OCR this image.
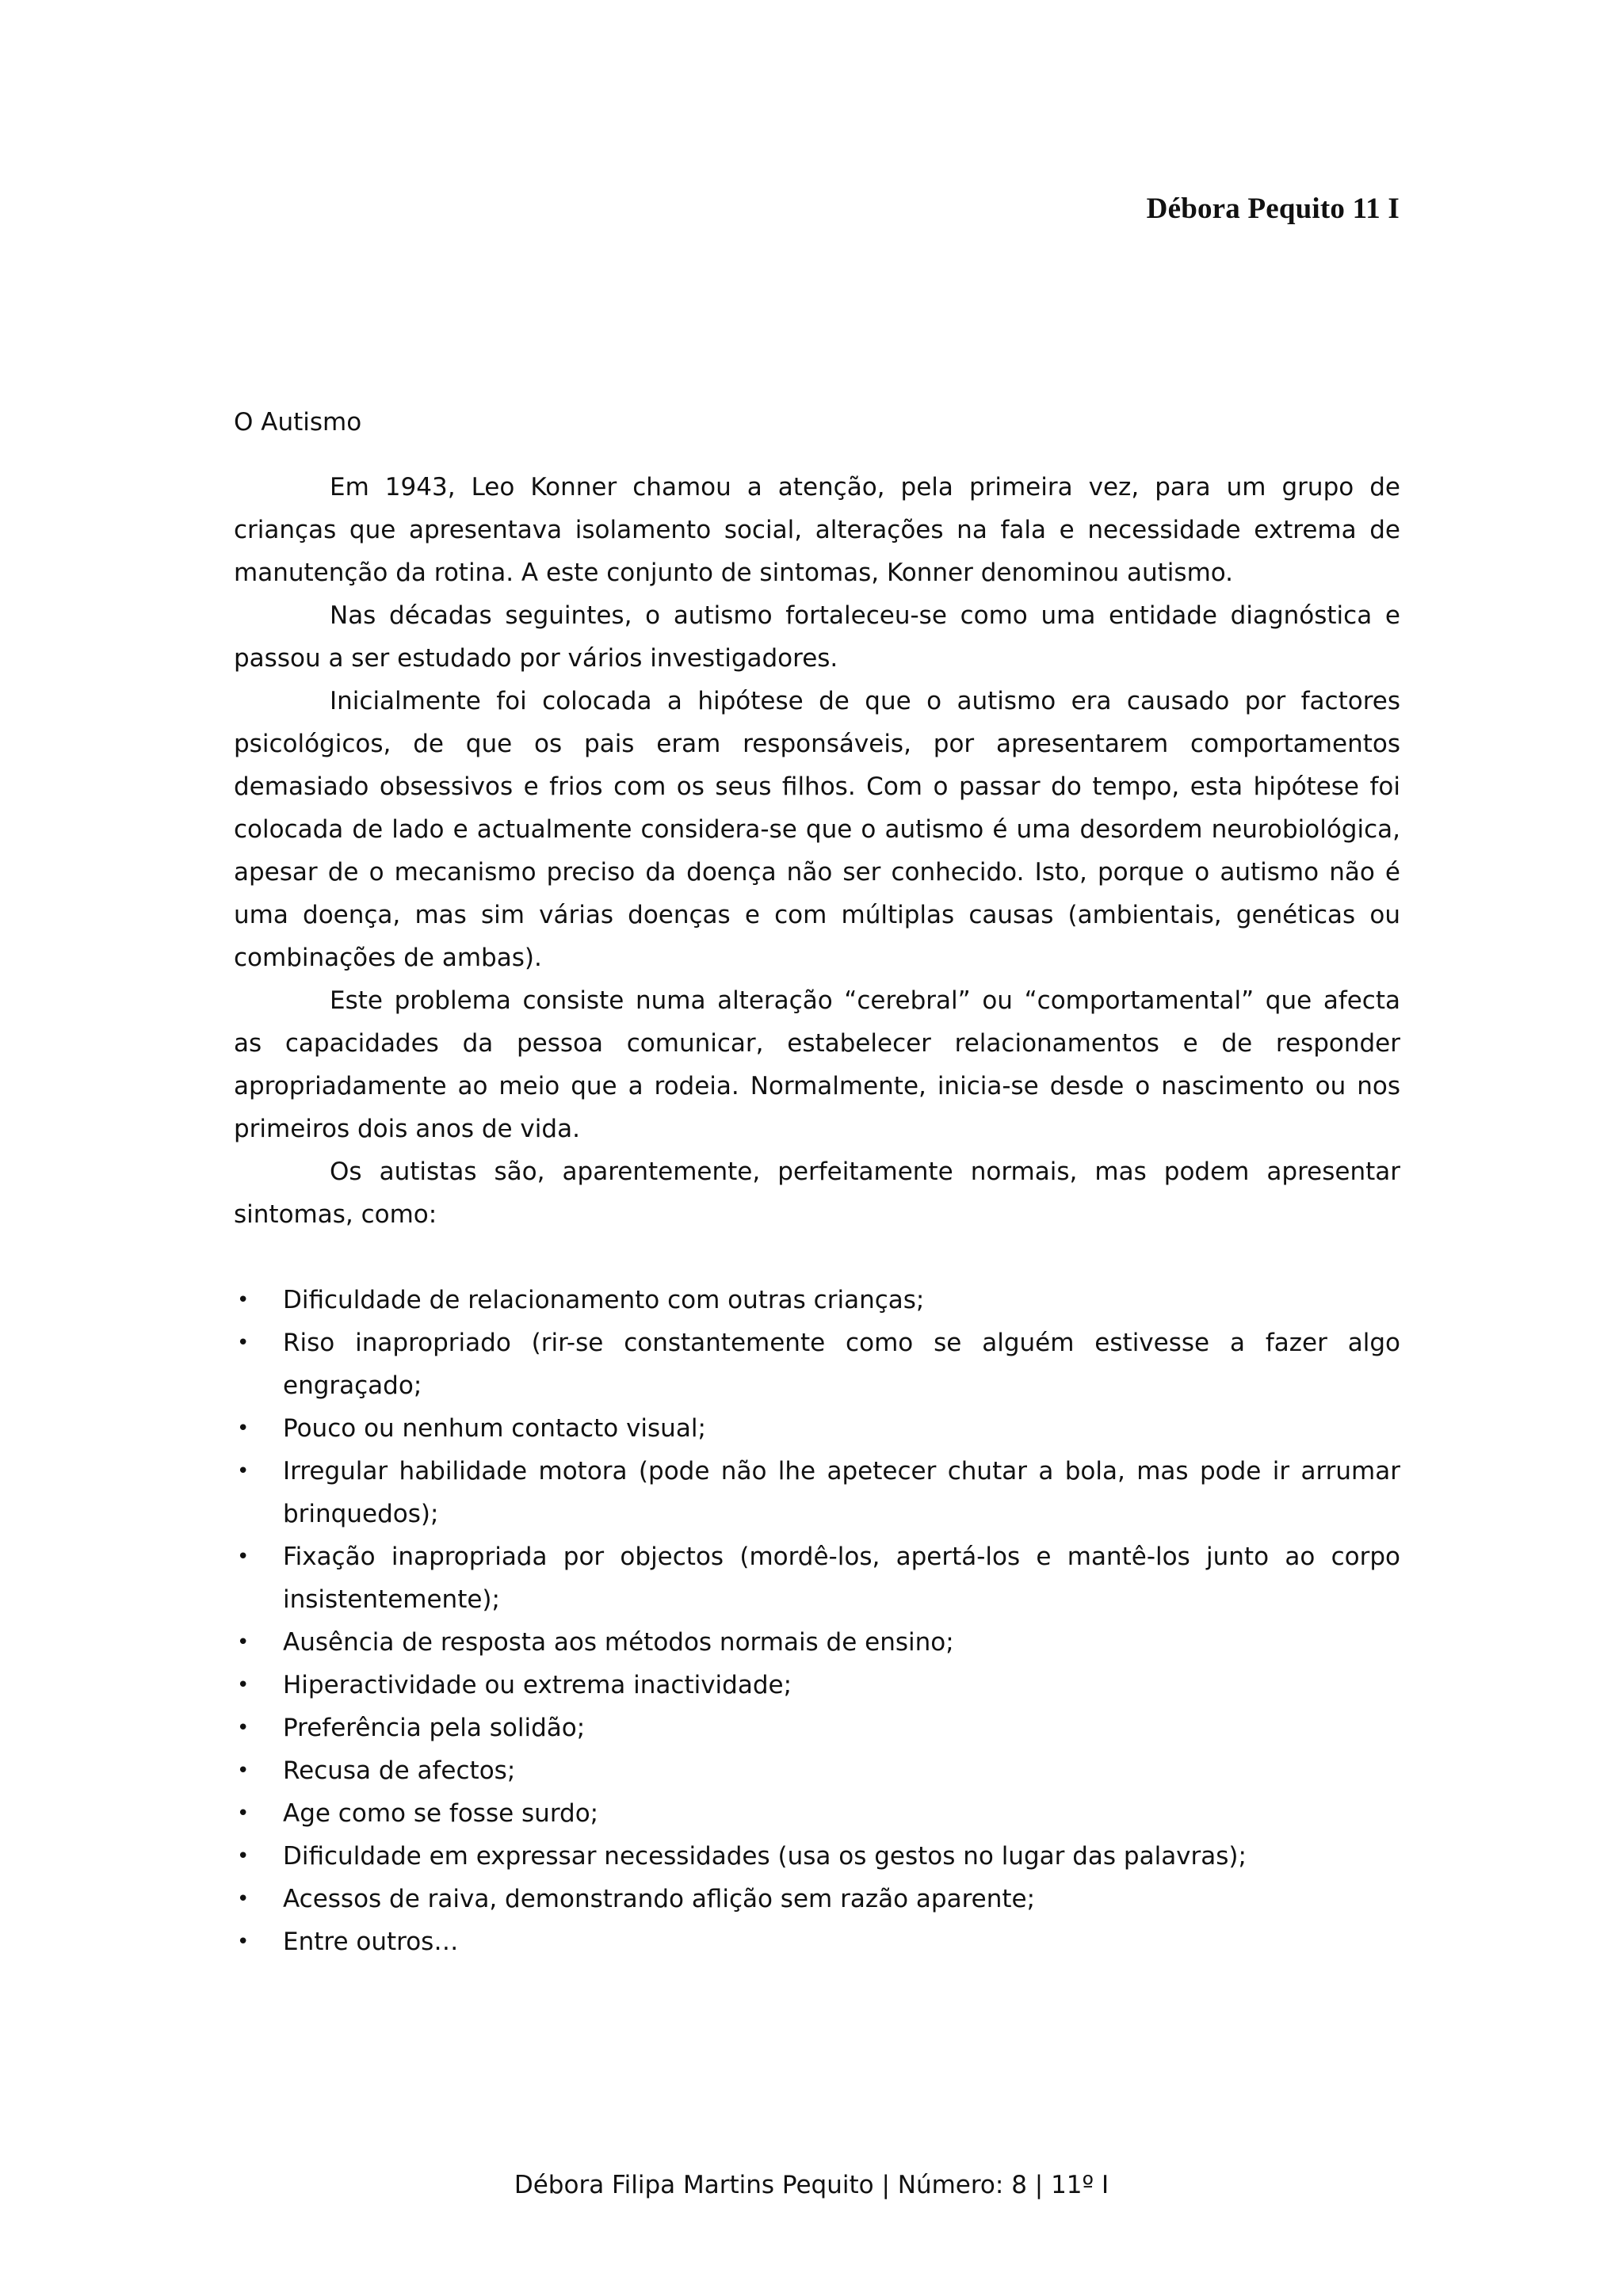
Débora Pequito 11 I
O Autismo

Em 1943, Leo Konner chamou a atenção, pela primeira vez, para um grupo de crianças que apresentava isolamento social, alterações na fala e necessidade extrema de manutenção da rotina. A este conjunto de sintomas, Konner denominou autismo.

Nas décadas seguintes, o autismo fortaleceu-se como uma entidade diagnóstica e passou a ser estudado por vários investigadores.

Inicialmente foi colocada a hipótese de que o autismo era causado por factores psicológicos, de que os pais eram responsáveis, por apresentarem comportamentos demasiado obsessivos e frios com os seus filhos. Com o passar do tempo, esta hipótese foi colocada de lado e actualmente considera-se que o autismo é uma desordem neurobiológica, apesar de o mecanismo preciso da doença não ser conhecido. Isto, porque o autismo não é uma doença, mas sim várias doenças e com múltiplas causas (ambientais, genéticas ou combinações de ambas).

Este problema consiste numa alteração “cerebral” ou “comportamental” que afecta as capacidades da pessoa comunicar, estabelecer relacionamentos e de responder apropriadamente ao meio que a rodeia. Normalmente, inicia-se desde o nascimento ou nos primeiros dois anos de vida.

Os autistas são, aparentemente, perfeitamente normais, mas podem apresentar sintomas, como:

• Dificuldade de relacionamento com outras crianças;
• Riso inapropriado (rir-se constantemente como se alguém estivesse a fazer algo engraçado;
• Pouco ou nenhum contacto visual;
• Irregular habilidade motora (pode não lhe apetecer chutar a bola, mas pode ir arrumar brinquedos);
• Fixação inapropriada por objectos (mordê-los, apertá-los e mantê-los junto ao corpo insistentemente);
• Ausência de resposta aos métodos normais de ensino;
• Hiperactividade ou extrema inactividade;
• Preferência pela solidão;
• Recusa de afectos;
• Age como se fosse surdo;
• Dificuldade em expressar necessidades (usa os gestos no lugar das palavras);
• Acessos de raiva, demonstrando aflição sem razão aparente;
• Entre outros…
Débora Filipa Martins Pequito | Número: 8 | 11º I
